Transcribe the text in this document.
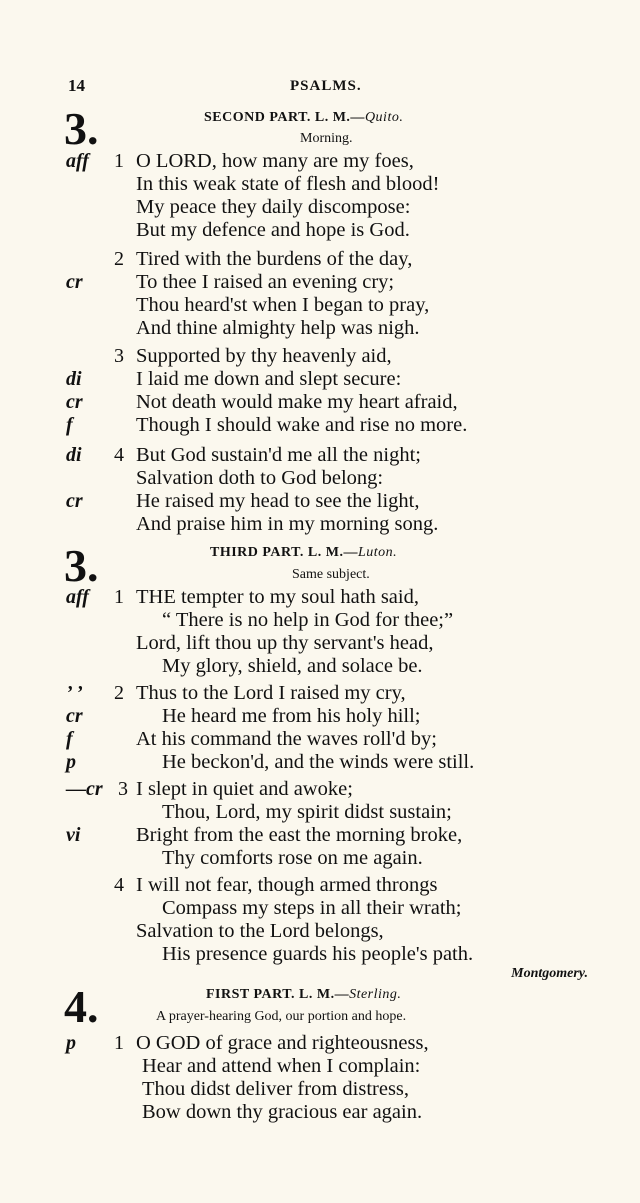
14	PSALMS.
3.	SECOND PART. L. M.—Quito.
Morning.
aff 1 O LORD, how many are my foes,
In this weak state of flesh and blood!
My peace they daily discompose:
But my defence and hope is God.
2 Tired with the burdens of the day,
cr	To thee I raised an evening cry;
Thou heard'st when I began to pray,
And thine almighty help was nigh.
3 Supported by thy heavenly aid,
di	I laid me down and slept secure:
cr	Not death would make my heart afraid,
f	Though I should wake and rise no more.
di 4 But God sustain'd me all the night;
Salvation doth to God belong:
cr	He raised my head to see the light,
And praise him in my morning song.
3.	THIRD PART. L. M.—Luton.
Same subject.
aff 1 THE tempter to my soul hath said,
“ There is no help in God for thee;”
Lord, lift thou up thy servant's head,
My glory, shield, and solace be.
’ ’ 2 Thus to the Lord I raised my cry,
cr	He heard me from his holy hill;
f	At his command the waves roll'd by;
p	He beckon'd, and the winds were still.
—cr 3 I slept in quiet and awoke;
Thou, Lord, my spirit didst sustain;
vi	Bright from the east the morning broke,
Thy comforts rose on me again.
4 I will not fear, though armed throngs
Compass my steps in all their wrath;
Salvation to the Lord belongs,
His presence guards his people's path.
Montgomery.
4.	FIRST PART. L. M.—Sterling.
A prayer-hearing God, our portion and hope.
p 1 O GOD of grace and righteousness,
Hear and attend when I complain:
Thou didst deliver from distress,
Bow down thy gracious ear again.
